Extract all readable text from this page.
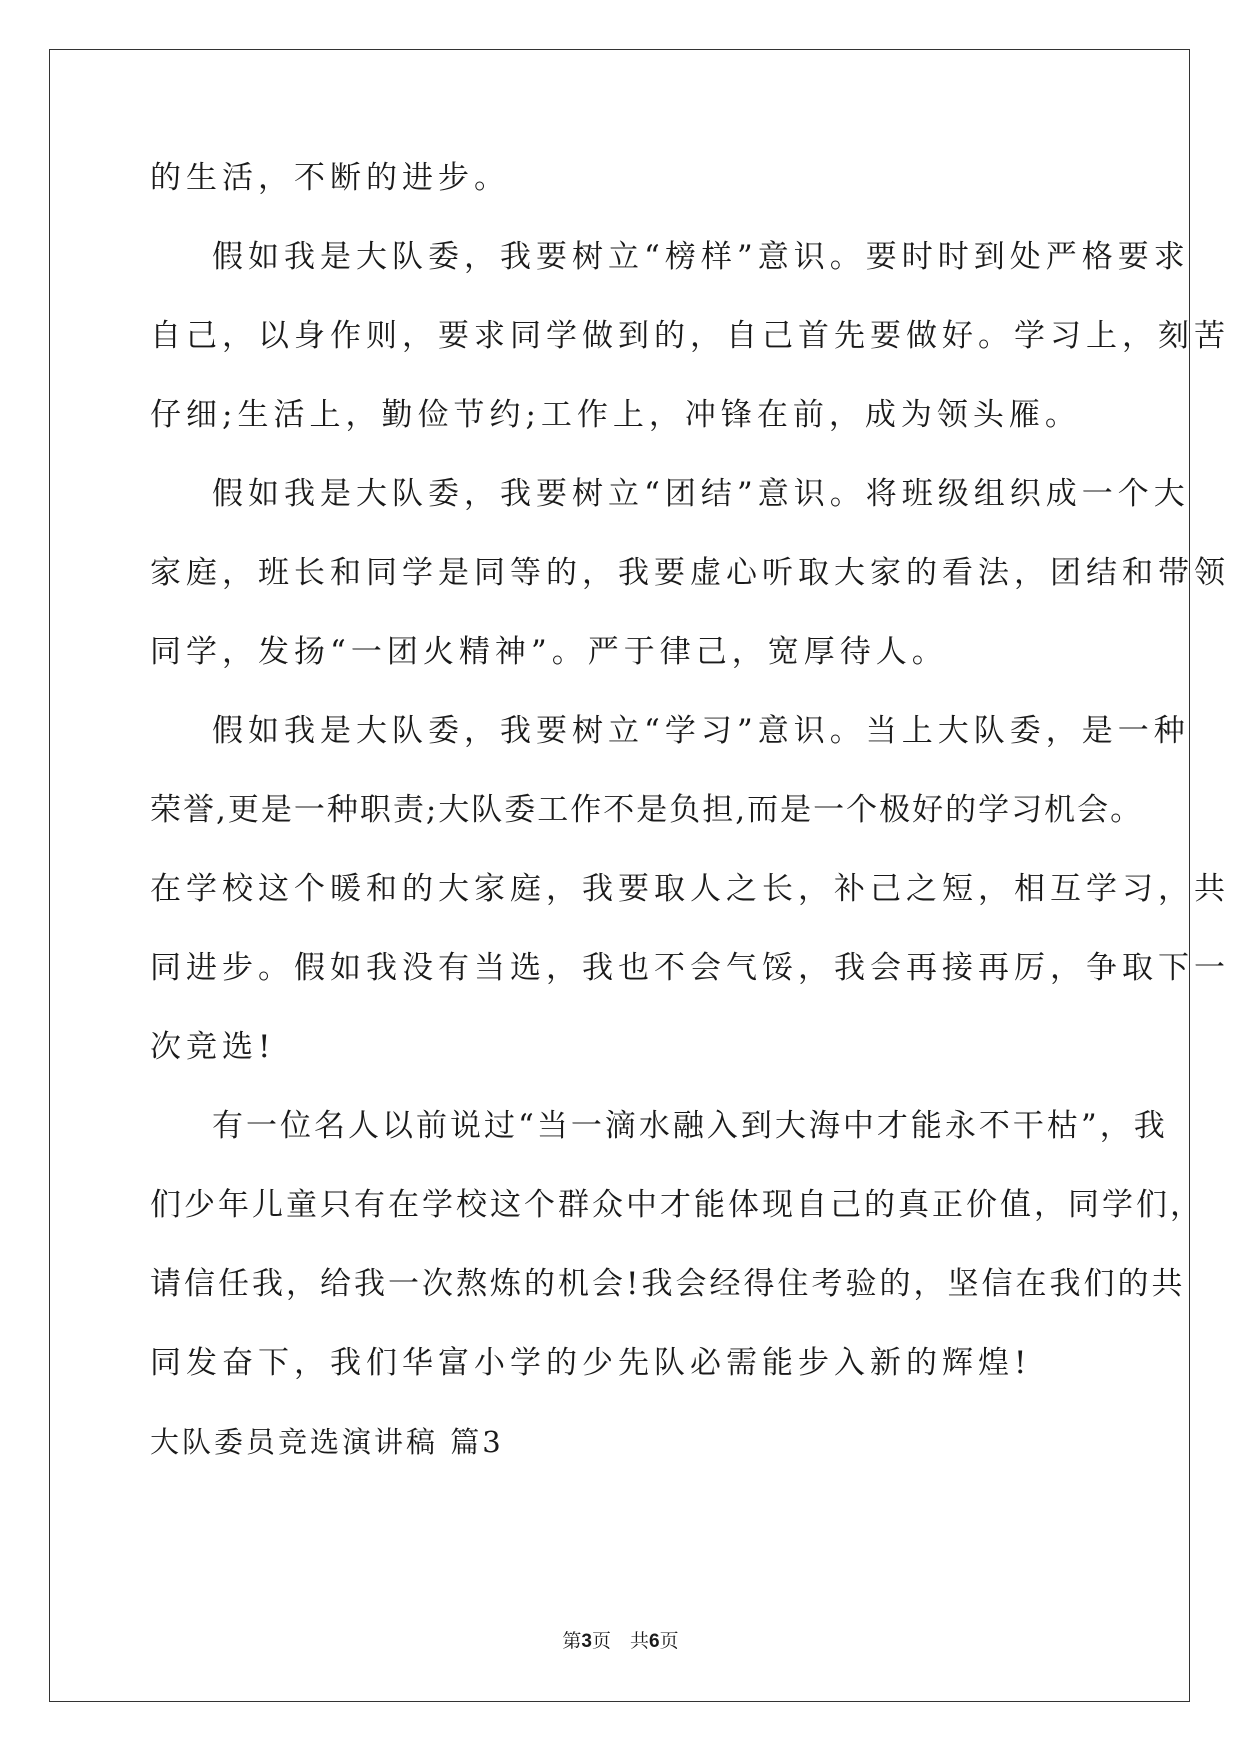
的生活，不断的进步。
假如我是大队委，我要树立“榜样”意识。要时时到处严格要求
自己，以身作则，要求同学做到的，自己首先要做好。学习上，刻苦
仔细;生活上，勤俭节约;工作上，冲锋在前，成为领头雁。
假如我是大队委，我要树立“团结”意识。将班级组织成一个大
家庭，班长和同学是同等的，我要虚心听取大家的看法，团结和带领
同学，发扬“一团火精神”。严于律己，宽厚待人。
假如我是大队委，我要树立“学习”意识。当上大队委，是一种
荣誉,更是一种职责;大队委工作不是负担,而是一个极好的学习机会。
在学校这个暖和的大家庭，我要取人之长，补己之短，相互学习，共
同进步。假如我没有当选，我也不会气馁，我会再接再厉，争取下一
次竞选!
有一位名人以前说过“当一滴水融入到大海中才能永不干枯”，我
们少年儿童只有在学校这个群众中才能体现自己的真正价值，同学们，
请信任我，给我一次熬炼的机会!我会经得住考验的，坚信在我们的共
同发奋下，我们华富小学的少先队必需能步入新的辉煌!
大队委员竞选演讲稿 篇3
第3页　共6页
